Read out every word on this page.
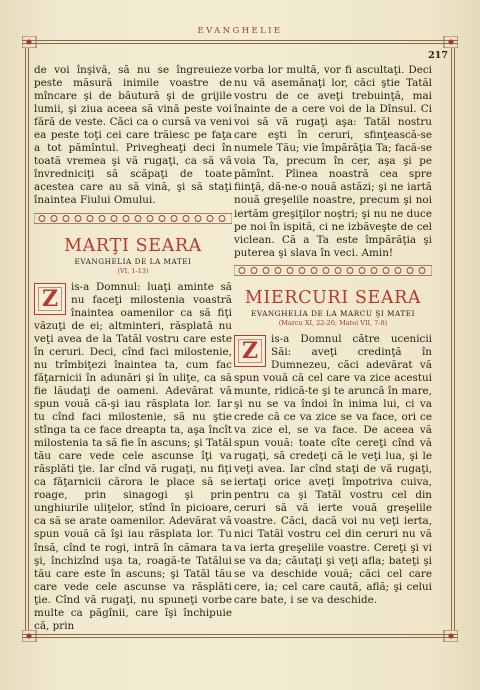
EVANGHELIE
217

de voi înşivă, să nu se îngreuieze peste măsură inimile voastre de mîncare şi de băutură şi de grijile lumii, şi ziua aceea să vină peste voi fără de veste. Căci ca o cursă va veni ea peste toţi cei care trăiesc pe faţa a tot pămîntul. Privegheaţi deci în toată vremea şi vă rugaţi, ca să vă învredniciţi să scăpaţi de toate acestea care au să vină, şi să staţi înaintea Fiului Omului.

MARŢI SEARA
EVANGHELIA DE LA MATEI
(VI, 1-13)
Z	is-a Domnul: luaţi aminte să nu faceţi milostenia voastră înaintea oamenilor ca să fiţi văzuţi de ei; altminteri, răsplată nu veţi avea de la Tatăl vostru care este în ceruri. Deci, cînd faci milostenie, nu trîmbiţezi înaintea ta, cum fac făţarnicii în adunări şi în uliţe, ca să fie lăudaţi de oameni. Adevărat vă spun vouă că-şi iau răsplata lor. Iar tu cînd faci milostenie, să nu ştie stînga ta ce face dreapta ta, aşa încît milostenia ta să fie în ascuns; şi Tatăl tău care vede cele ascunse îţi va răsplăti ţie. Iar cînd vă rugaţi, nu fiţi ca făţarnicii cărora le place să se roage, prin sinagogi şi prin unghiurile uliţelor, stînd în picioare, ca să se arate oamenilor. Adevărat vă spun vouă că îşi iau răsplata lor. Tu însă, cînd te rogi, intră în cămara ta şi, închizînd uşa ta, roagă-te Tatălui tău care este în ascuns; şi Tatăl tău care vede cele ascunse va răsplăti ţie. Cînd vă rugaţi, nu spuneţi vorbe multe ca păgînii, care îşi închipuie că, prin

vorba lor multă, vor fi ascultaţi. Deci nu vă asemănaţi lor, căci ştie Tatăl vostru de ce aveţi trebuinţă, mai înainte de a cere voi de la Dînsul. Ci voi să vă rugaţi aşa: Tatăl nostru care eşti în ceruri, sfinţească-se numele Tău; vie împărăţia Ta; facă-se voia Ta, precum în cer, aşa şi pe pămînt. Pîinea noastră cea spre fiinţă, dă-ne-o nouă astăzi; şi ne iartă nouă greşelile noastre, precum şi noi iertăm greşiţilor noştri; şi nu ne duce pe noi în ispită, ci ne izbăveşte de cel viclean. Că a Ta este împărăţia şi puterea şi slava în veci. Amin!

MIERCURI SEARA
EVANGHELIA DE LA MARCU ŞI MATEI
(Marcu XI, 22-26; Matei VII, 7-8)
Z	is-a Domnul către ucenicii Săi: aveţi credinţă în Dumnezeu, căci adevărat vă spun vouă că cel care va zice acestui munte, ridică-te şi te aruncă în mare, şi nu se va îndoi în inima lui, ci va crede că ce va zice se va face, ori ce va zice el, se va face. De aceea vă spun vouă: toate cîte cereţi cînd vă rugaţi, să credeţi că le veţi lua, şi le veţi avea. Iar cînd staţi de vă rugaţi, iertaţi orice aveţi împotriva cuiva, pentru ca şi Tatăl vostru cel din ceruri să vă ierte vouă greşelile voastre. Căci, dacă voi nu veţi ierta, nici Tatăl vostru cel din ceruri nu vă va ierta greşelile voastre. Cereţi şi vi se va da; căutaţi şi veţi afla; bateţi şi se va deschide vouă; căci cel care cere, ia; cel care caută, află; şi celui care bate, i se va deschide.
